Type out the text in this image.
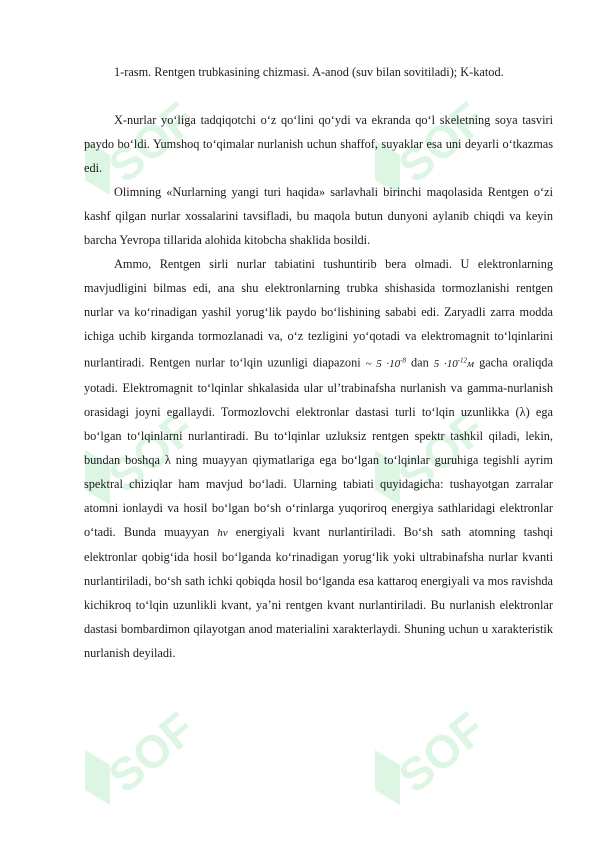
SOF	SOF
SOF	SOF
SOF	SOF

1-rasm. Rentgen trubkasining chizmasi. A-anod (suv bilan sovitiladi); K-katod.

X-nurlar yo‘liga tadqiqotchi o‘z qo‘lini qo‘ydi va ekranda qo‘l skeletning soya tasviri paydo bo‘ldi. Yumshoq to‘qimalar nurlanish uchun shaffof, suyaklar esa uni deyarli o‘tkazmas edi.

Olimning «Nurlarning yangi turi haqida» sarlavhali birinchi maqolasida Rentgen o‘zi kashf qilgan nurlar xossalarini tavsifladi, bu maqola butun dunyoni aylanib chiqdi va keyin barcha Yevropa tillarida alohida kitobcha shaklida bosildi.

Ammo, Rentgen sirli nurlar tabiatini tushuntirib bera olmadi. U elektronlarning mavjudligini bilmas edi, ana shu elektronlarning trubka shishasida tormozlanishi rentgen nurlar va ko‘rinadigan yashil yorug‘lik paydo bo‘lishining sababi edi. Zaryadli zarra modda ichiga uchib kirganda tormozlanadi va, o‘z tezligini yo‘qotadi va elektromagnit to‘lqinlarini nurlantiradi. Rentgen nurlar to‘lqin uzunligi diapazoni ~ $5 \cdot 10^{-8}$ dan $5 \cdot 10^{-12}м$ gacha oraliqda yotadi. Elektromagnit to‘lqinlar shkalasida ular ul’trabinafsha nurlanish va gamma-nurlanish orasidagi joyni egallaydi. Tormozlovchi elektronlar dastasi turli to‘lqin uzunlikka (λ) ega bo‘lgan to‘lqinlarni nurlantiradi. Bu to‘lqinlar uzluksiz rentgen spektr tashkil qiladi, lekin, bundan boshqa λ ning muayyan qiymatlariga ega bo‘lgan to‘lqinlar guruhiga tegishli ayrim spektral chiziqlar ham mavjud bo‘ladi. Ularning tabiati quyidagicha: tushayotgan zarralar atomni ionlaydi va hosil bo‘lgan bo‘sh o‘rinlarga yuqoriroq energiya sathlaridagi elektronlar o‘tadi. Bunda muayyan hν energiyali kvant nurlantiriladi. Bo‘sh sath atomning tashqi elektronlar qobig‘ida hosil bo‘lganda ko‘rinadigan yorug‘lik yoki ultrabinafsha nurlar kvanti nurlantiriladi, bo‘sh sath ichki qobiqda hosil bo‘lganda esa kattaroq energiyali va mos ravishda kichikroq to‘lqin uzunlikli kvant, ya’ni rentgen kvant nurlantiriladi. Bu nurlanish elektronlar dastasi bombardimon qilayotgan anod materialini xarakterlaydi. Shuning uchun u xarakteristik nurlanish deyiladi.
